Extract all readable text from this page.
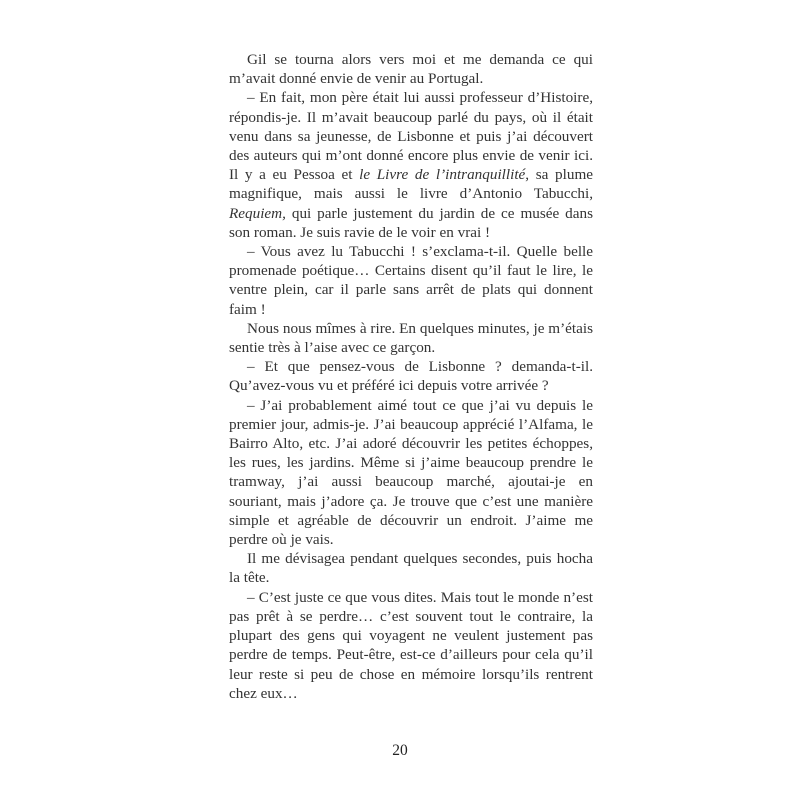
Gil se tourna alors vers moi et me demanda ce qui m’avait donné envie de venir au Portugal.

– En fait, mon père était lui aussi professeur d’Histoire, répondis-je. Il m’avait beaucoup parlé du pays, où il était venu dans sa jeunesse, de Lisbonne et puis j’ai découvert des auteurs qui m’ont donné encore plus envie de venir ici. Il y a eu Pessoa et le Livre de l’intranquillité, sa plume magnifique, mais aussi le livre d’Antonio Tabucchi, Requiem, qui parle justement du jardin de ce musée dans son roman. Je suis ravie de le voir en vrai !

– Vous avez lu Tabucchi ! s’exclama-t-il. Quelle belle promenade poétique… Certains disent qu’il faut le lire, le ventre plein, car il parle sans arrêt de plats qui donnent faim !

Nous nous mîmes à rire. En quelques minutes, je m’étais sentie très à l’aise avec ce garçon.

– Et que pensez-vous de Lisbonne ? demanda-t-il. Qu’avez-vous vu et préféré ici depuis votre arrivée ?

– J’ai probablement aimé tout ce que j’ai vu depuis le premier jour, admis-je. J’ai beaucoup apprécié l’Alfama, le Bairro Alto, etc. J’ai adoré découvrir les petites échoppes, les rues, les jardins. Même si j’aime beaucoup prendre le tramway, j’ai aussi beaucoup marché, ajoutai-je en souriant, mais j’adore ça. Je trouve que c’est une manière simple et agréable de découvrir un endroit. J’aime me perdre où je vais.

Il me dévisagea pendant quelques secondes, puis hocha la tête.

– C’est juste ce que vous dites. Mais tout le monde n’est pas prêt à se perdre… c’est souvent tout le contraire, la plupart des gens qui voyagent ne veulent justement pas perdre de temps. Peut-être, est-ce d’ailleurs pour cela qu’il leur reste si peu de chose en mémoire lorsqu’ils rentrent chez eux…

20
